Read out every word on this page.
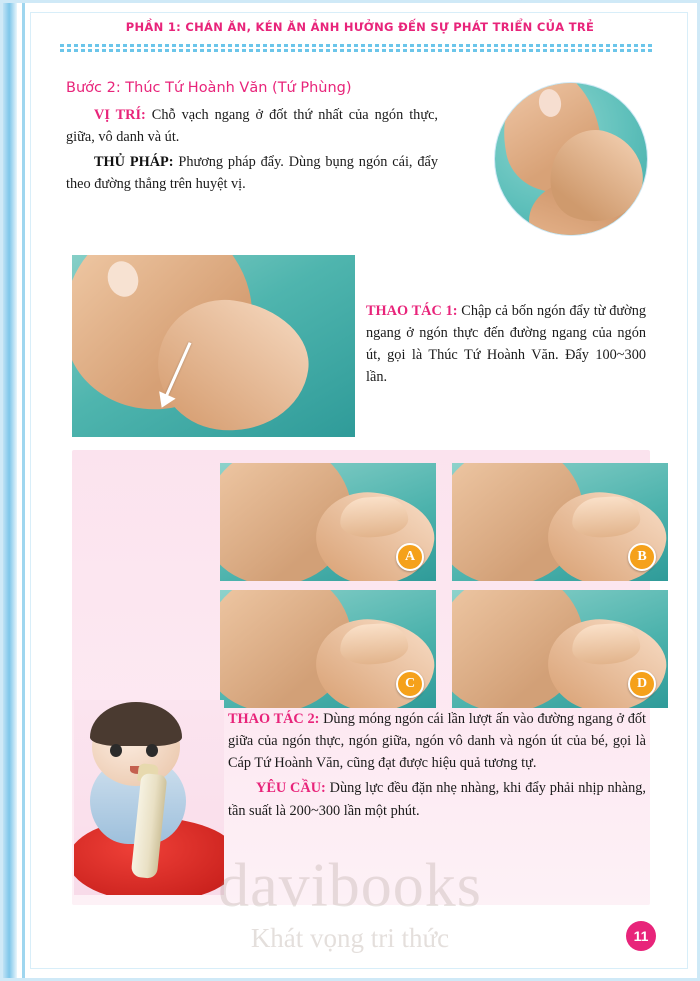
PHẦN 1: CHÁN ĂN, KÉN ĂN ẢNH HƯỞNG ĐẾN SỰ PHÁT TRIỂN CỦA TRẺ
Bước 2: Thúc Tứ Hoành Văn (Tứ Phùng)

VỊ TRÍ: Chỗ vạch ngang ở đốt thứ nhất của ngón thực, giữa, vô danh và út.

THỦ PHÁP: Phương pháp đẩy. Dùng bụng ngón cái, đẩy theo đường thẳng trên huyệt vị.

THAO TÁC 1: Chập cả bốn ngón đẩy từ đường ngang ở ngón thực đến đường ngang của ngón út, gọi là Thúc Tứ Hoành Văn. Đẩy 100~300 lần.

A	B
C	D

THAO TÁC 2: Dùng móng ngón cái lần lượt ấn vào đường ngang ở đốt giữa của ngón thực, ngón giữa, ngón vô danh và ngón út của bé, gọi là Cáp Tứ Hoành Văn, cũng đạt được hiệu quả tương tự.

YÊU CẦU: Dùng lực đều đặn nhẹ nhàng, khi đẩy phải nhịp nhàng, tần suất là 200~300 lần một phút.

davibooks
Khát vọng tri thức	11
